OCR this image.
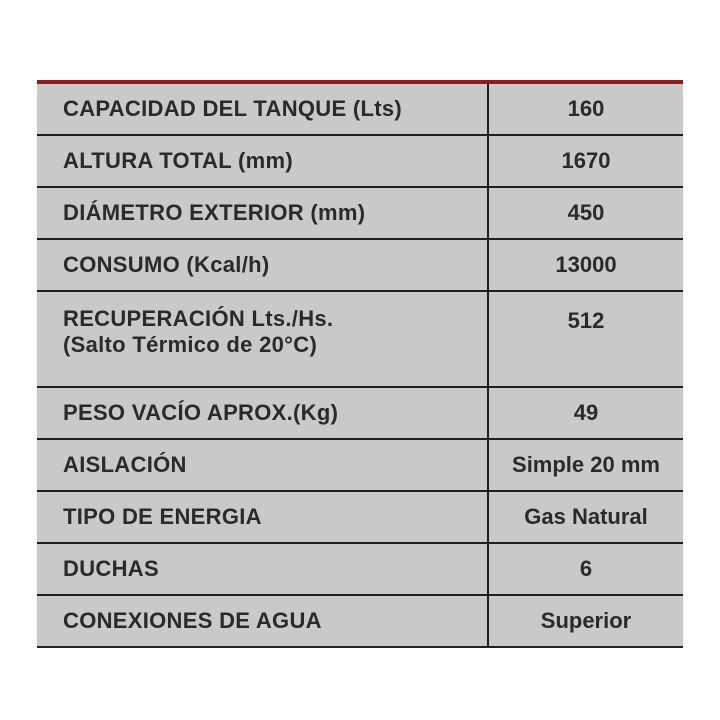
CAPACIDAD DEL TANQUE (Lts)	160
ALTURA TOTAL (mm)	1670
DIÁMETRO EXTERIOR (mm)	450
CONSUMO (Kcal/h)	13000

RECUPERACIÓN Lts./Hs.
(Salto Térmico de 20°C)	512
PESO VACÍO APROX.(Kg)	49
AISLACIÓN	Simple 20 mm
TIPO DE ENERGIA	Gas Natural
DUCHAS	6
CONEXIONES DE AGUA	Superior
